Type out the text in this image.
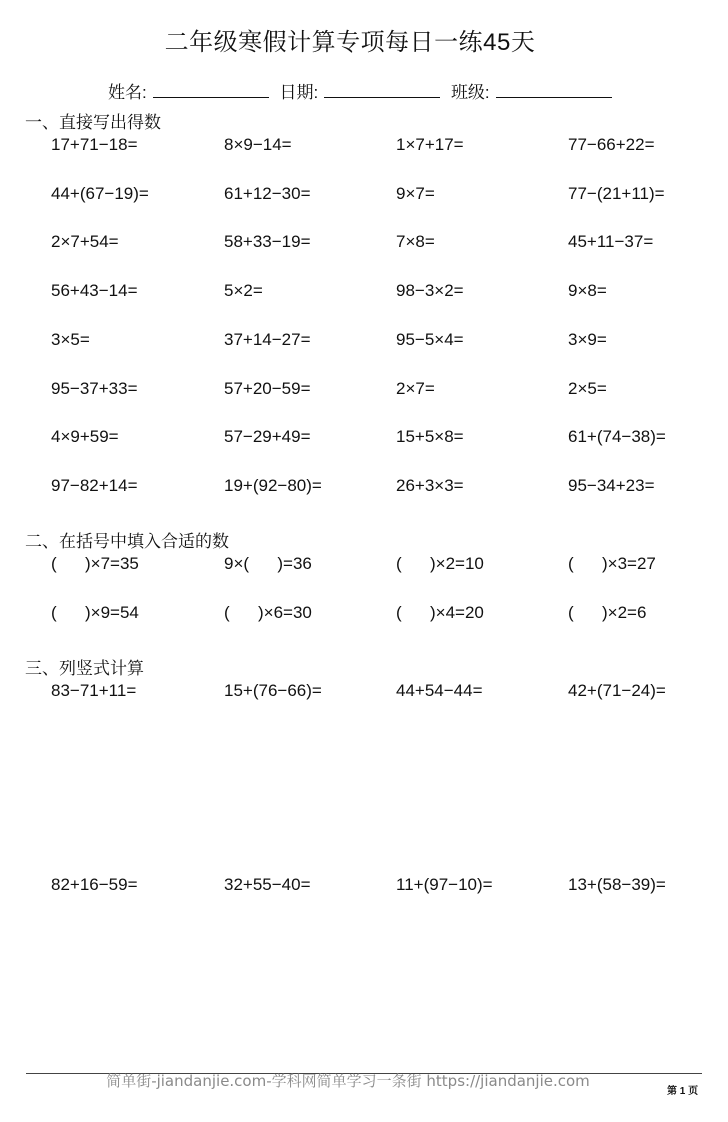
二年级寒假计算专项每日一练45天
姓名:	日期:	班级:
一、直接写出得数
17+71−18=	8×9−14=	1×7+17=	77−66+22=
44+(67−19)=	61+12−30=	9×7=	77−(21+11)=
2×7+54=	58+33−19=	7×8=	45+11−37=
56+43−14=	5×2=	98−3×2=	9×8=
3×5=	37+14−27=	95−5×4=	3×9=
95−37+33=	57+20−59=	2×7=	2×5=
4×9+59=	57−29+49=	15+5×8=	61+(74−38)=
97−82+14=	19+(92−80)=	26+3×3=	95−34+23=
二、在括号中填入合适的数
(      )×7=35	9×(      )=36	(      )×2=10	(      )×3=27
(      )×9=54	(      )×6=30	(      )×4=20	(      )×2=6
三、列竖式计算
83−71+11=	15+(76−66)=	44+54−44=	42+(71−24)=
82+16−59=	32+55−40=	11+(97−10)=	13+(58−39)=
简单街-jiandanjie.com-学科网简单学习一条街 https://jiandanjie.com
第 1 页
